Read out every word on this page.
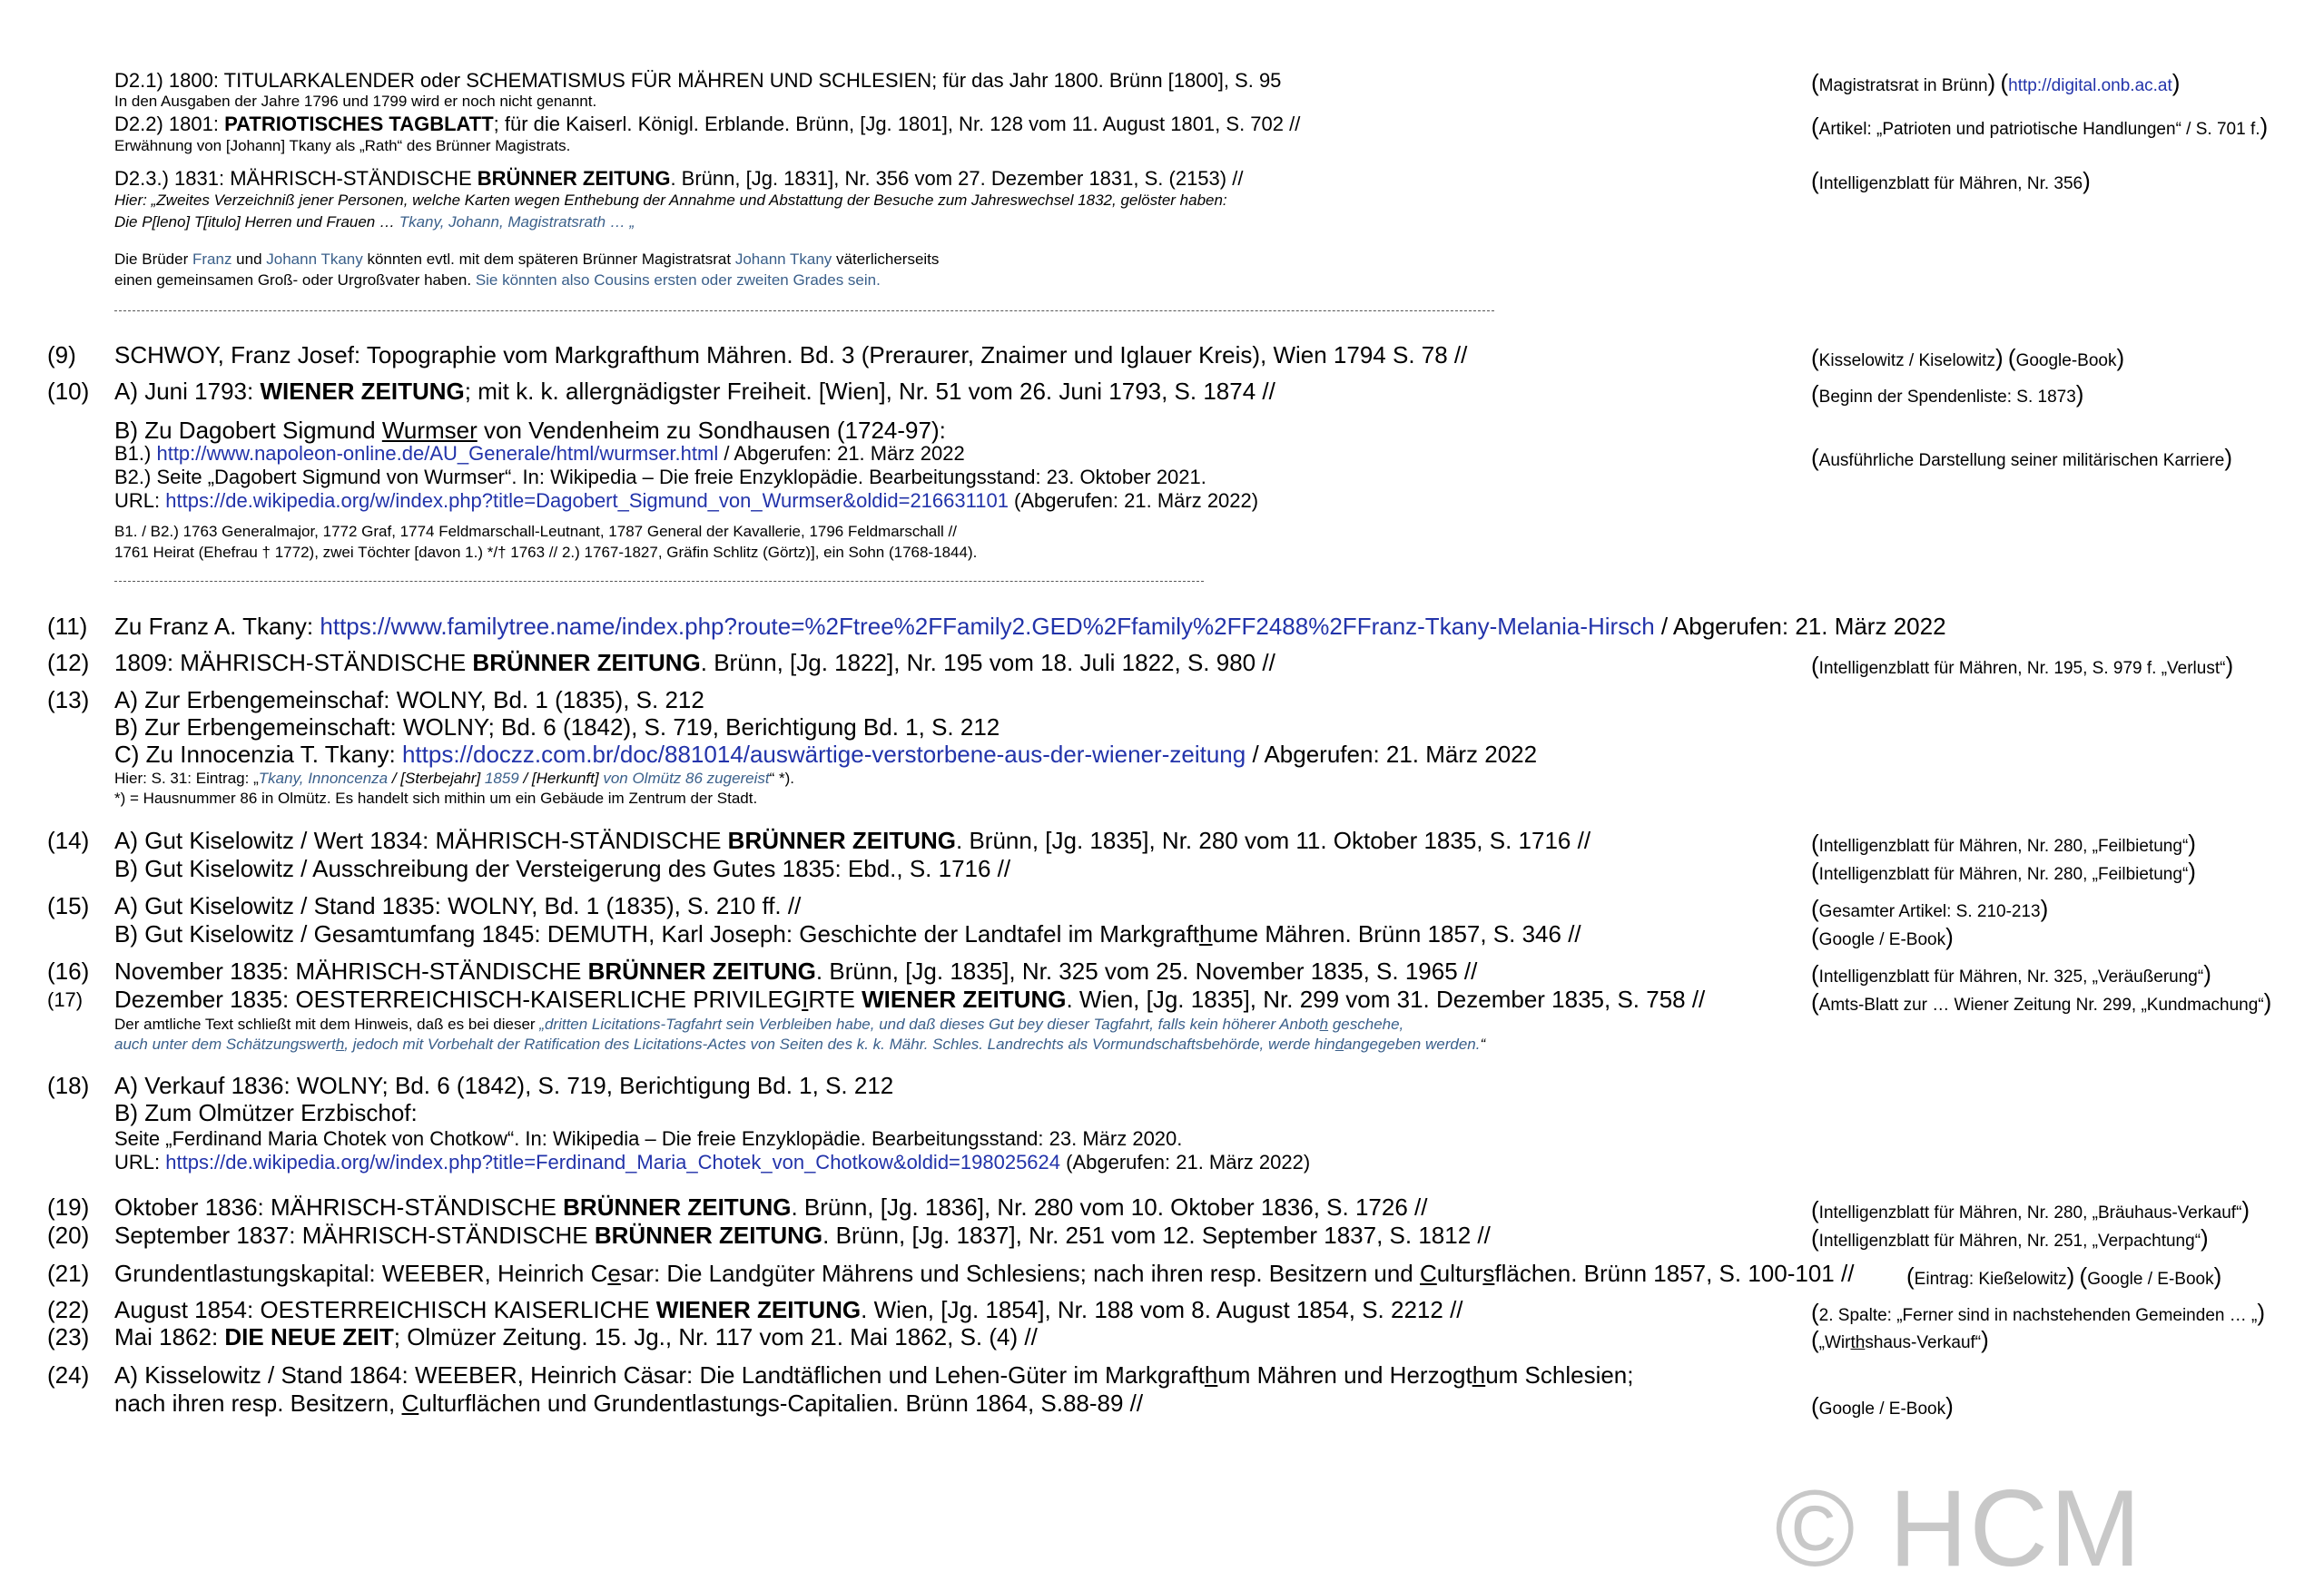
D2.1) 1800: TITULARKALENDER oder SCHEMATISMUS FÜR MÄHREN UND SCHLESIEN; für das Jahr 1800. Brünn [1800], S. 95	(Magistratsrat in Brünn) (http://digital.onb.ac.at)
In den Ausgaben der Jahre 1796 und 1799 wird er noch nicht genannt.
D2.2) 1801: PATRIOTISCHES TAGBLATT; für die Kaiserl. Königl. Erblande. Brünn, [Jg. 1801], Nr. 128 vom 11. August 1801, S. 702 //	(Artikel: „Patrioten und patriotische Handlungen“ / S. 701 f.)
Erwähnung von [Johann] Tkany als „Rath“ des Brünner Magistrats.
D2.3.) 1831: MÄHRISCH-STÄNDISCHE BRÜNNER ZEITUNG. Brünn, [Jg. 1831], Nr. 356 vom 27. Dezember 1831, S. (2153) //	(Intelligenzblatt für Mähren, Nr. 356)
Hier: „Zweites Verzeichniß jener Personen, welche Karten wegen Enthebung der Annahme und Abstattung der Besuche zum Jahreswechsel 1832, gelöster haben:
Die P[leno] T[itulo] Herren und Frauen … Tkany, Johann, Magistratsrath … „
Die Brüder Franz und Johann Tkany könnten evtl. mit dem späteren Brünner Magistratsrat Johann Tkany väterlicherseits
einen gemeinsamen Groß- oder Urgroßvater haben. Sie könnten also Cousins ersten oder zweiten Grades sein.
(9)	SCHWOY, Franz Josef: Topographie vom Markgrafthum Mähren. Bd. 3 (Preraurer, Znaimer und Iglauer Kreis), Wien 1794 S. 78 //	(Kisselowitz / Kiselowitz) (Google-Book)
(10)	A) Juni 1793: WIENER ZEITUNG; mit k. k. allergnädigster Freiheit. [Wien], Nr. 51 vom 26. Juni 1793, S. 1874 //	(Beginn der Spendenliste: S. 1873)
B) Zu Dagobert Sigmund Wurmser von Vendenheim zu Sondhausen (1724-97):
B1.) http://www.napoleon-online.de/AU_Generale/html/wurmser.html / Abgerufen: 21. März 2022	(Ausführliche Darstellung seiner militärischen Karriere)
B2.) Seite „Dagobert Sigmund von Wurmser“. In: Wikipedia – Die freie Enzyklopädie. Bearbeitungsstand: 23. Oktober 2021.
URL: https://de.wikipedia.org/w/index.php?title=Dagobert_Sigmund_von_Wurmser&oldid=216631101 (Abgerufen: 21. März 2022)
B1. / B2.) 1763 Generalmajor, 1772 Graf, 1774 Feldmarschall-Leutnant, 1787 General der Kavallerie, 1796 Feldmarschall //
1761 Heirat (Ehefrau † 1772), zwei Töchter [davon 1.) */† 1763 // 2.) 1767-1827, Gräfin Schlitz (Görtz)], ein Sohn (1768-1844).
(11)	Zu Franz A. Tkany: https://www.familytree.name/index.php?route=%2Ftree%2FFamily2.GED%2Ffamily%2FF2488%2FFranz-Tkany-Melania-Hirsch / Abgerufen: 21. März 2022
(12)	1809: MÄHRISCH-STÄNDISCHE BRÜNNER ZEITUNG. Brünn, [Jg. 1822], Nr. 195 vom 18. Juli 1822, S. 980 //	(Intelligenzblatt für Mähren, Nr. 195, S. 979 f. „Verlust“)
(13)	A) Zur Erbengemeinschaf: WOLNY, Bd. 1 (1835), S. 212
B) Zur Erbengemeinschaft: WOLNY; Bd. 6 (1842), S. 719, Berichtigung Bd. 1, S. 212
C) Zu Innocenzia T. Tkany: https://doczz.com.br/doc/881014/auswärtige-verstorbene-aus-der-wiener-zeitung / Abgerufen: 21. März 2022
Hier: S. 31: Eintrag: „Tkany, Innoncenza / [Sterbejahr] 1859 / [Herkunft] von Olmütz 86 zugereist“ *).
*) = Hausnummer 86 in Olmütz. Es handelt sich mithin um ein Gebäude im Zentrum der Stadt.
(14)	A) Gut Kiselowitz / Wert 1834: MÄHRISCH-STÄNDISCHE BRÜNNER ZEITUNG. Brünn, [Jg. 1835], Nr. 280 vom 11. Oktober 1835, S. 1716 //	(Intelligenzblatt für Mähren, Nr. 280, „Feilbietung“)
B) Gut Kiselowitz / Ausschreibung der Versteigerung des Gutes 1835: Ebd., S. 1716 //	(Intelligenzblatt für Mähren, Nr. 280, „Feilbietung“)
(15)	A) Gut Kiselowitz / Stand 1835: WOLNY, Bd. 1 (1835), S. 210 ff. //	(Gesamter Artikel: S. 210-213)
B) Gut Kiselowitz / Gesamtumfang 1845: DEMUTH, Karl Joseph: Geschichte der Landtafel im Markgrafthume Mähren. Brünn 1857, S. 346 //	(Google / E-Book)
(16)	November 1835: MÄHRISCH-STÄNDISCHE BRÜNNER ZEITUNG. Brünn, [Jg. 1835], Nr. 325 vom 25. November 1835, S. 1965 //	(Intelligenzblatt für Mähren, Nr. 325, „Veräußerung“)
(17)	Dezember 1835: OESTERREICHISCH-KAISERLICHE PRIVILEGIRTE WIENER ZEITUNG. Wien, [Jg. 1835], Nr. 299 vom 31. Dezember 1835, S. 758 //	(Amts-Blatt zur … Wiener Zeitung Nr. 299, „Kundmachung“)
Der amtliche Text schließt mit dem Hinweis, daß es bei dieser „dritten Licitations-Tagfahrt sein Verbleiben habe, und daß dieses Gut bey dieser Tagfahrt, falls kein höherer Anboth geschehe,
auch unter dem Schätzungswerth, jedoch mit Vorbehalt der Ratification des Licitations-Actes von Seiten des k. k. Mähr. Schles. Landrechts als Vormundschaftsbehörde, werde hindangegeben werden.“
(18)	A) Verkauf 1836: WOLNY; Bd. 6 (1842), S. 719, Berichtigung Bd. 1, S. 212
B) Zum Olmützer Erzbischof:
Seite „Ferdinand Maria Chotek von Chotkow“. In: Wikipedia – Die freie Enzyklopädie. Bearbeitungsstand: 23. März 2020.
URL: https://de.wikipedia.org/w/index.php?title=Ferdinand_Maria_Chotek_von_Chotkow&oldid=198025624 (Abgerufen: 21. März 2022)
(19)	Oktober 1836: MÄHRISCH-STÄNDISCHE BRÜNNER ZEITUNG. Brünn, [Jg. 1836], Nr. 280 vom 10. Oktober 1836, S. 1726 //	(Intelligenzblatt für Mähren, Nr. 280, „Bräuhaus-Verkauf“)
(20)	September 1837: MÄHRISCH-STÄNDISCHE BRÜNNER ZEITUNG. Brünn, [Jg. 1837], Nr. 251 vom 12. September 1837, S. 1812 //	(Intelligenzblatt für Mähren, Nr. 251, „Verpachtung“)
(21)	Grundentlastungskapital: WEEBER, Heinrich Cesar: Die Landgüter Mährens und Schlesiens; nach ihren resp. Besitzern und Cultursflächen. Brünn 1857, S. 100-101 // (Eintrag: Kießelowitz) (Google / E-Book)
(22)	August 1854: OESTERREICHISCH KAISERLICHE WIENER ZEITUNG. Wien, [Jg. 1854], Nr. 188 vom 8. August 1854, S. 2212 //	(2. Spalte: „Ferner sind in nachstehenden Gemeinden … „)
(23)	Mai 1862: DIE NEUE ZEIT; Olmüzer Zeitung. 15. Jg., Nr. 117 vom 21. Mai 1862, S. (4) //	(„Wirthshaus-Verkauf“)
(24)	A) Kisselowitz / Stand 1864: WEEBER, Heinrich Cäsar: Die Landtäflichen und Lehen-Güter im Markgrafthum Mähren und Herzogthum Schlesien;
nach ihren resp. Besitzern, Culturflächen und Grundentlastungs-Capitalien. Brünn 1864, S.88-89 //	(Google / E-Book)
© HCM
